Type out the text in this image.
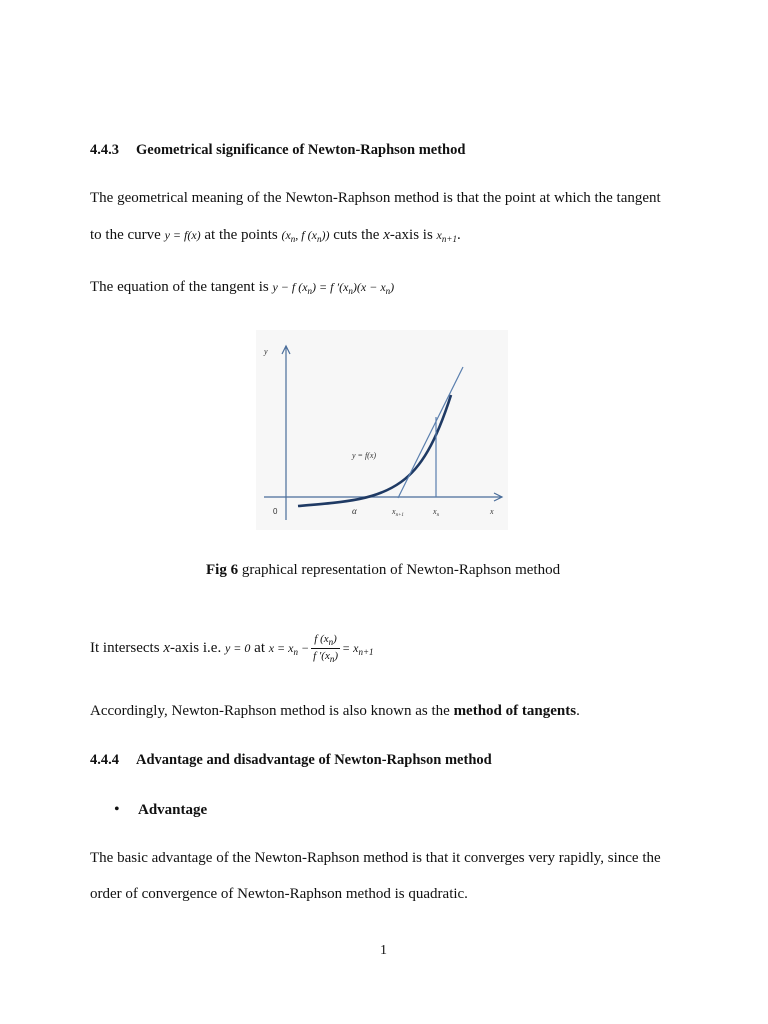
4.4.3 Geometrical significance of Newton-Raphson method
The geometrical meaning of the Newton-Raphson method is that the point at which the tangent
to the curve y = f(x) at the points ($x_n$, f $(x_n)$) cuts the x-axis is $x_{n+1}$.
The equation of the tangent is y − f $(x_n) = f$ $'(x_n)(x - x_n)$
y
x
0
y = f(x)
α	$x_{n+1}$	$x_n$
Fig 6 graphical representation of Newton-Raphson method
It intersects x-axis i.e. y = 0 at $x = x_n - \frac{f (x_n)}{f '(x_n)} = x_{n+1}$
Accordingly, Newton-Raphson method is also known as the method of tangents.
4.4.4 Advantage and disadvantage of Newton-Raphson method
• Advantage
The basic advantage of the Newton-Raphson method is that it converges very rapidly, since the
order of convergence of Newton-Raphson method is quadratic.
1
